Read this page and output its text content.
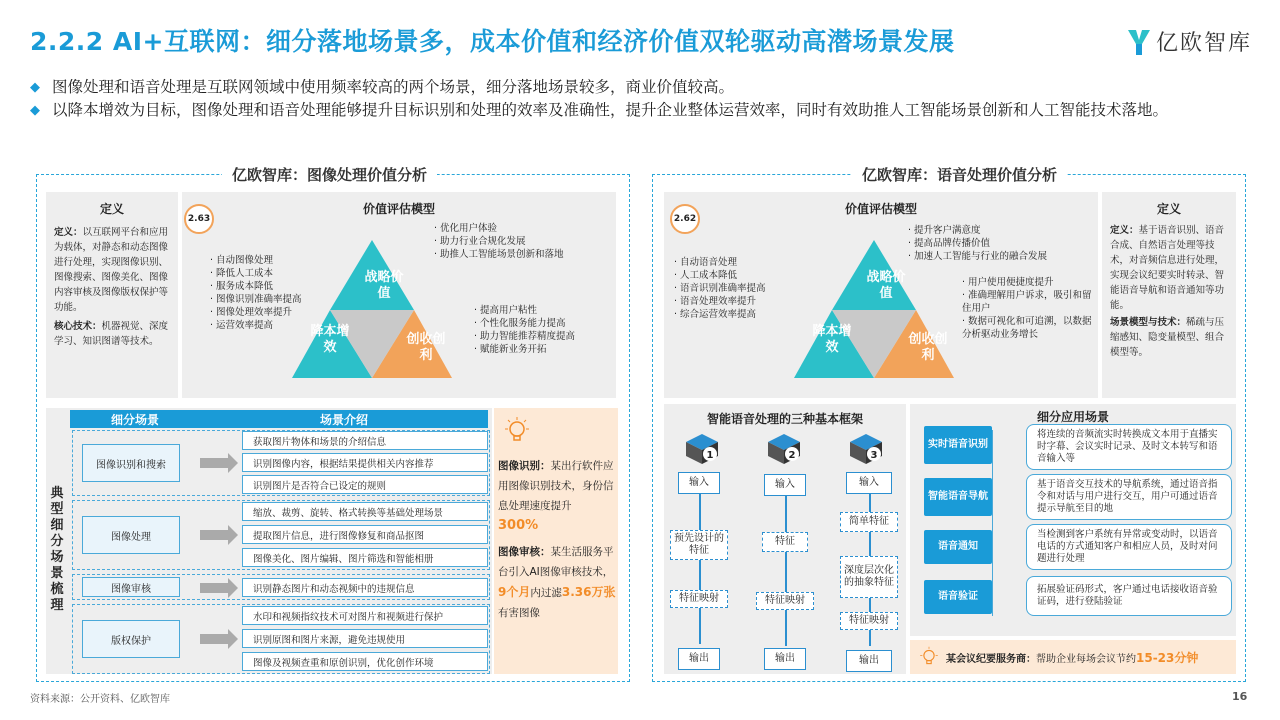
2.2.2 AI+互联网：细分落地场景多，成本价值和经济价值双轮驱动高潜场景发展	亿欧智库
◆ 图像处理和语音处理是互联网领域中使用频率较高的两个场景，细分落地场景较多，商业价值较高。
◆ 以降本增效为目标，图像处理和语音处理能够提升目标识别和处理的效率及准确性，提升企业整体运营效率，同时有效助推人工智能场景创新和人工智能技术落地。
亿欧智库：图像处理价值分析
定义
定义：以互联网平台和应用为载体，对静态和动态图像进行处理，实现图像识别、图像搜索、图像美化、图像内容审核及图像版权保护等功能。
核心技术：机器视觉、深度学习、知识图谱等技术。
价值评估模型
2.63
战略价值
降本增效
创收创利
· 自动图像处理
· 降低人工成本
· 服务成本降低
· 图像识别准确率提高
· 图像处理效率提升
· 运营效率提高
· 优化用户体验
· 助力行业合规化发展
· 助推人工智能场景创新和落地
· 提高用户粘性
· 个性化服务能力提高
· 助力智能推荐精度提高
· 赋能新业务开拓
典型细分场景梳理
细分场景	场景介绍
图像识别和搜索
获取图片物体和场景的介绍信息
识别图像内容，根据结果提供相关内容推荐
识别图片是否符合已设定的规则
图像处理
缩放、裁剪、旋转、格式转换等基础处理场景
提取图片信息，进行图像修复和商品抠图
图像美化、图片编辑、图片筛选和智能相册
图像审核	识别静态图片和动态视频中的违规信息
版权保护
水印和视频指纹技术可对图片和视频进行保护
识别原图和图片来源，避免违规使用
图像及视频查重和原创识别，优化创作环境
图像识别：某出行软件应用图像识别技术，身份信息处理速度提升
300%
图像审核：某生活服务平台引入AI图像审核技术，9个月内过滤3.36万张有害图像
亿欧智库：语音处理价值分析
价值评估模型
2.62
战略价值
降本增效
创收创利
· 自动语音处理
· 人工成本降低
· 语音识别准确率提高
· 语音处理效率提升
· 综合运营效率提高
· 提升客户满意度
· 提高品牌传播价值
· 加速人工智能与行业的融合发展
· 用户使用便捷度提升
· 准确理解用户诉求，吸引和留住用户
· 数据可视化和可追溯，以数据分析驱动业务增长
定义
定义：基于语音识别、语音合成、自然语言处理等技术，对音频信息进行处理，实现会议纪要实时转录、智能语音导航和语音通知等功能。
场景模型与技术：稀疏与压缩感知、隐变量模型、组合模型等。
智能语音处理的三种基本框架
1
输入
预先设计的特征
特征映射
输出
2
输入
特征
特征映射
输出
3
输入
简单特征
深度层次化的抽象特征
特征映射
输出
细分应用场景
实时语音识别
将连续的音频流实时转换成文本用于直播实时字幕、会议实时记录、及时文本转写和语音输入等
智能语音导航
基于语音交互技术的导航系统，通过语音指令和对话与用户进行交互，用户可通过语音提示导航至目的地
语音通知
当检测到客户系统有异常或变动时，以语音电话的方式通知客户和相应人员，及时对问题进行处理
语音验证
拓展验证码形式，客户通过电话接收语音验证码，进行登陆验证
某会议纪要服务商：帮助企业每场会议节约15-23分钟
资料来源：公开资料、亿欧智库	16
